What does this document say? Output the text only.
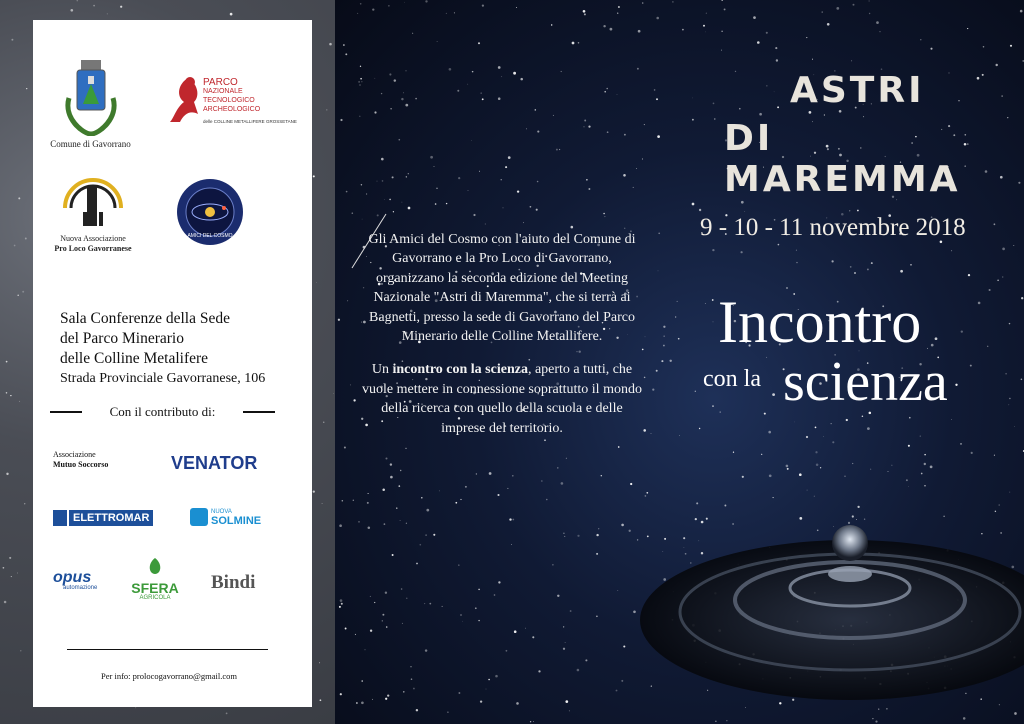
ASTRI
DI MAREMMA
9 - 10 - 11 novembre 2018
Incontro
con la scienza

Gli Amici del Cosmo con l'aiuto del Comune di Gavorrano e la Pro Loco di Gavorrano, organizzano la seconda edizione del Meeting Nazionale "Astri di Maremma", che si terrà ai Bagnetti, presso la sede di Gavorrano del Parco Minerario delle Colline Metallifere.

Un incontro con la scienza, aperto a tutti, che vuole mettere in connessione soprattutto il mondo della ricerca con quello della scuola e delle imprese del territorio.

Comune di Gavorrano
PARCO
NAZIONALE
TECNOLOGICO
ARCHEOLOGICO
delle COLLINE METALLIFERE GROSSETANE
Nuova Associazione
Pro Loco Gavorranese
AMICI DEL COSMO
Sala Conferenze della Sede
del Parco Minerario
delle Colline Metalifere
Strada Provinciale Gavorranese, 106
Con il contributo di:
Associazione
Mutuo Soccorso	VENATOR
ELETTROMAR	NUOVA
SOLMINE
opus
automazione	SFERA
AGRICOLA
Bindi
Per info: prolocogavorrano@gmail.com
